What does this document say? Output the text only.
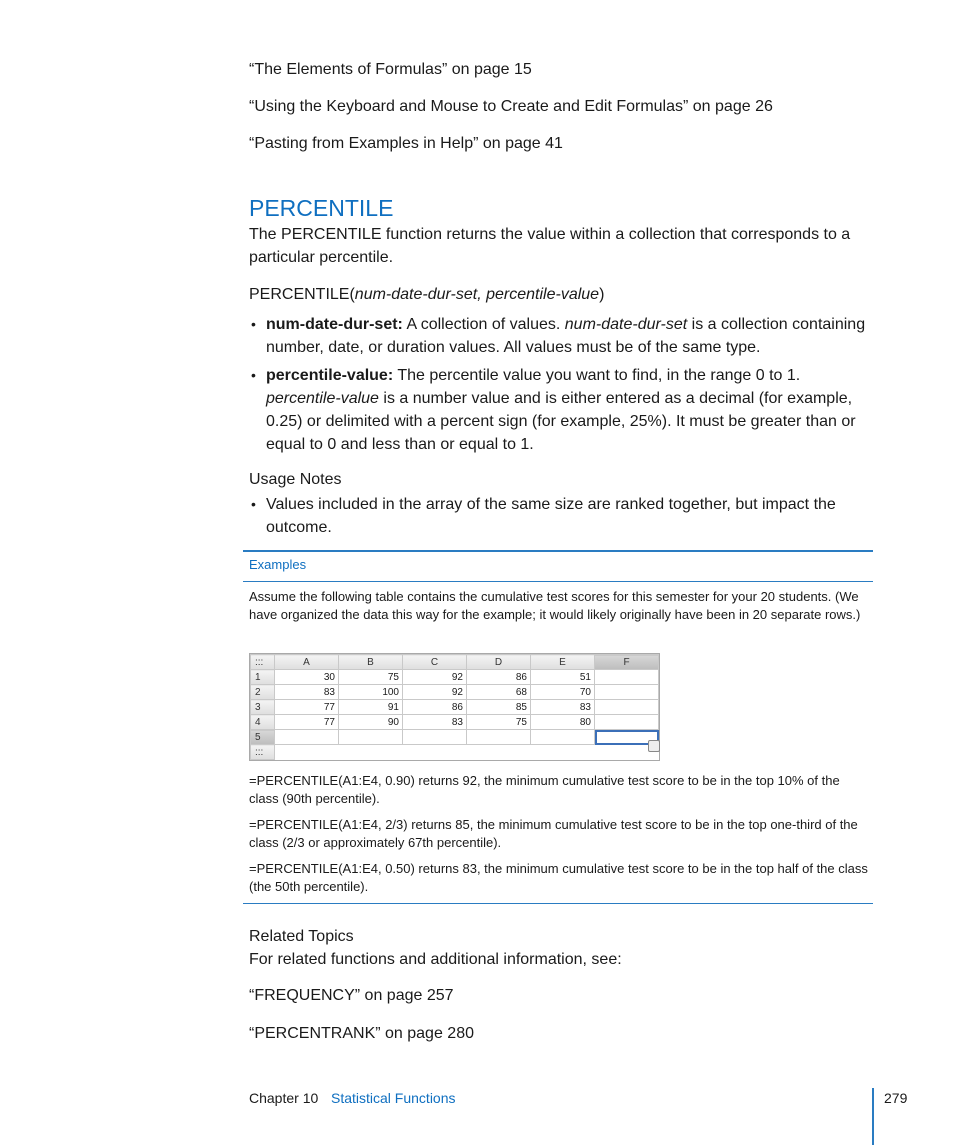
“The Elements of Formulas” on page 15
“Using the Keyboard and Mouse to Create and Edit Formulas” on page 26
“Pasting from Examples in Help” on page 41
PERCENTILE
The PERCENTILE function returns the value within a collection that corresponds to a particular percentile.
PERCENTILE(num-date-dur-set, percentile-value)
• num-date-dur-set: A collection of values. num-date-dur-set is a collection containing number, date, or duration values. All values must be of the same type.
• percentile-value: The percentile value you want to find, in the range 0 to 1. percentile-value is a number value and is either entered as a decimal (for example, 0.25) or delimited with a percent sign (for example, 25%). It must be greater than or equal to 0 and less than or equal to 1.
Usage Notes
• Values included in the array of the same size are ranked together, but impact the outcome.
Examples
Assume the following table contains the cumulative test scores for this semester for your 20 students. (We have organized the data this way for the example; it would likely originally have been in 20 separate rows.)
:::	A	B	C	D	E	F
1	30	75	92	86	51	
2	83	100	92	68	70	
3	77	91	86	85	83	
4	77	90	83	75	80	
5						
:::						
=PERCENTILE(A1:E4, 0.90) returns 92, the minimum cumulative test score to be in the top 10% of the class (90th percentile).
=PERCENTILE(A1:E4, 2/3) returns 85, the minimum cumulative test score to be in the top one-third of the class (2/3 or approximately 67th percentile).
=PERCENTILE(A1:E4, 0.50) returns 83, the minimum cumulative test score to be in the top half of the class (the 50th percentile).
Related Topics
For related functions and additional information, see:
“FREQUENCY” on page 257
“PERCENTRANK” on page 280
Chapter 10 Statistical Functions	279
